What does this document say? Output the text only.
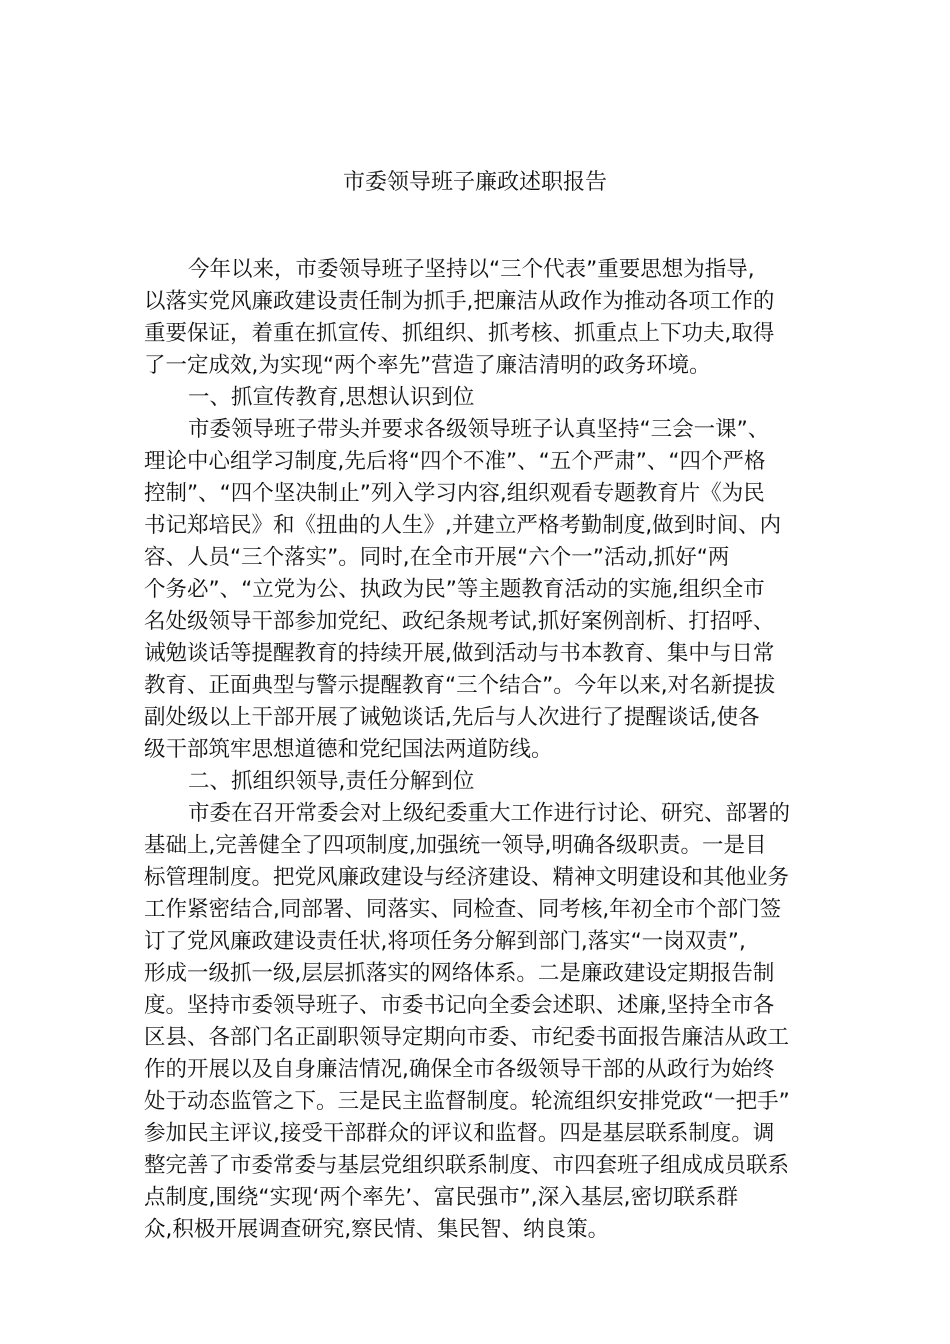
市委领导班子廉政述职报告
今年以来，市委领导班子坚持以“三个代表”重要思想为指导,
以落实党风廉政建设责任制为抓手,把廉洁从政作为推动各项工作的
重要保证，着重在抓宣传、抓组织、抓考核、抓重点上下功夫,取得
了一定成效,为实现“两个率先”营造了廉洁清明的政务环境。
一、抓宣传教育,思想认识到位
市委领导班子带头并要求各级领导班子认真坚持“三会一课”、
理论中心组学习制度,先后将“四个不准”、“五个严肃”、“四个严格
控制”、“四个坚决制止”列入学习内容,组织观看专题教育片《为民
书记郑培民》和《扭曲的人生》,并建立严格考勤制度,做到时间、内
容、人员“三个落实”。同时,在全市开展“六个一”活动,抓好“两
个务必”、“立党为公、执政为民”等主题教育活动的实施,组织全市
名处级领导干部参加党纪、政纪条规考试,抓好案例剖析、打招呼、
诫勉谈话等提醒教育的持续开展,做到活动与书本教育、集中与日常
教育、正面典型与警示提醒教育“三个结合”。今年以来,对名新提拔
副处级以上干部开展了诫勉谈话,先后与人次进行了提醒谈话,使各
级干部筑牢思想道德和党纪国法两道防线。
二、抓组织领导,责任分解到位
市委在召开常委会对上级纪委重大工作进行讨论、研究、部署的
基础上,完善健全了四项制度,加强统一领导,明确各级职责。一是目
标管理制度。把党风廉政建设与经济建设、精神文明建设和其他业务
工作紧密结合,同部署、同落实、同检查、同考核,年初全市个部门签
订了党风廉政建设责任状,将项任务分解到部门,落实“一岗双责”,
形成一级抓一级,层层抓落实的网络体系。二是廉政建设定期报告制
度。坚持市委领导班子、市委书记向全委会述职、述廉,坚持全市各
区县、各部门名正副职领导定期向市委、市纪委书面报告廉洁从政工
作的开展以及自身廉洁情况,确保全市各级领导干部的从政行为始终
处于动态监管之下。三是民主监督制度。轮流组织安排党政“一把手”
参加民主评议,接受干部群众的评议和监督。四是基层联系制度。调
整完善了市委常委与基层党组织联系制度、市四套班子组成成员联系
点制度,围绕“实现‘两个率先’、富民强市”,深入基层,密切联系群
众,积极开展调查研究,察民情、集民智、纳良策。
